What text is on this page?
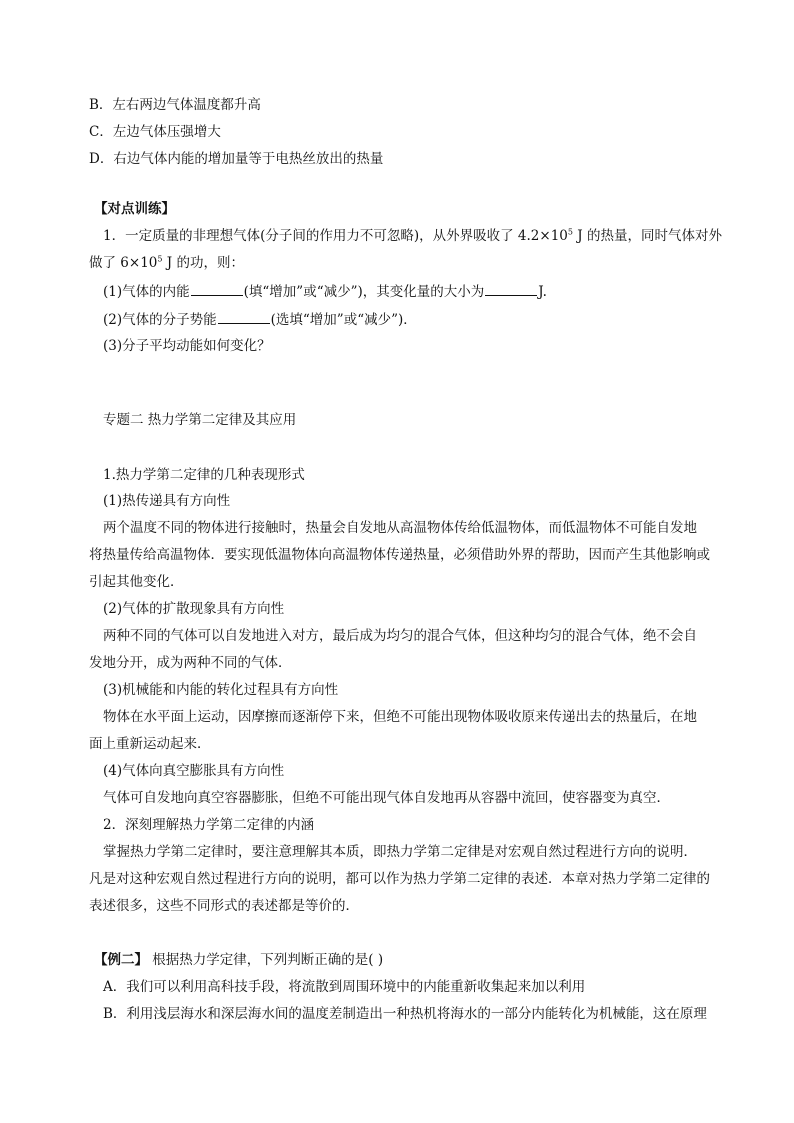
B．左右两边气体温度都升高
C．左边气体压强增大
D．右边气体内能的增加量等于电热丝放出的热量
【对点训练】
1．一定质量的非理想气体(分子间的作用力不可忽略)，从外界吸收了 $4.2\times 10^5$ J 的热量，同时气体对外
做了 $6\times 10^5$ J 的功，则：
(1)气体的内能	(填“增加”或“减少”)，其变化量的大小为	J.
(2)气体的分子势能	(选填“增加”或“减少”)．
(3)分子平均动能如何变化？
专题二 热力学第二定律及其应用
1.热力学第二定律的几种表现形式
(1)热传递具有方向性
两个温度不同的物体进行接触时，热量会自发地从高温物体传给低温物体，而低温物体不可能自发地
将热量传给高温物体．要实现低温物体向高温物体传递热量，必须借助外界的帮助，因而产生其他影响或
引起其他变化．
(2)气体的扩散现象具有方向性
两种不同的气体可以自发地进入对方，最后成为均匀的混合气体，但这种均匀的混合气体，绝不会自
发地分开，成为两种不同的气体．
(3)机械能和内能的转化过程具有方向性
物体在水平面上运动，因摩擦而逐渐停下来，但绝不可能出现物体吸收原来传递出去的热量后，在地
面上重新运动起来．
(4)气体向真空膨胀具有方向性
气体可自发地向真空容器膨胀，但绝不可能出现气体自发地再从容器中流回，使容器变为真空．
2．深刻理解热力学第二定律的内涵
掌握热力学第二定律时，要注意理解其本质，即热力学第二定律是对宏观自然过程进行方向的说明．
凡是对这种宏观自然过程进行方向的说明，都可以作为热力学第二定律的表述．本章对热力学第二定律的
表述很多，这些不同形式的表述都是等价的．
【例二】 根据热力学定律，下列判断正确的是( )
A．我们可以利用高科技手段，将流散到周围环境中的内能重新收集起来加以利用
B．利用浅层海水和深层海水间的温度差制造出一种热机将海水的一部分内能转化为机械能，这在原理
